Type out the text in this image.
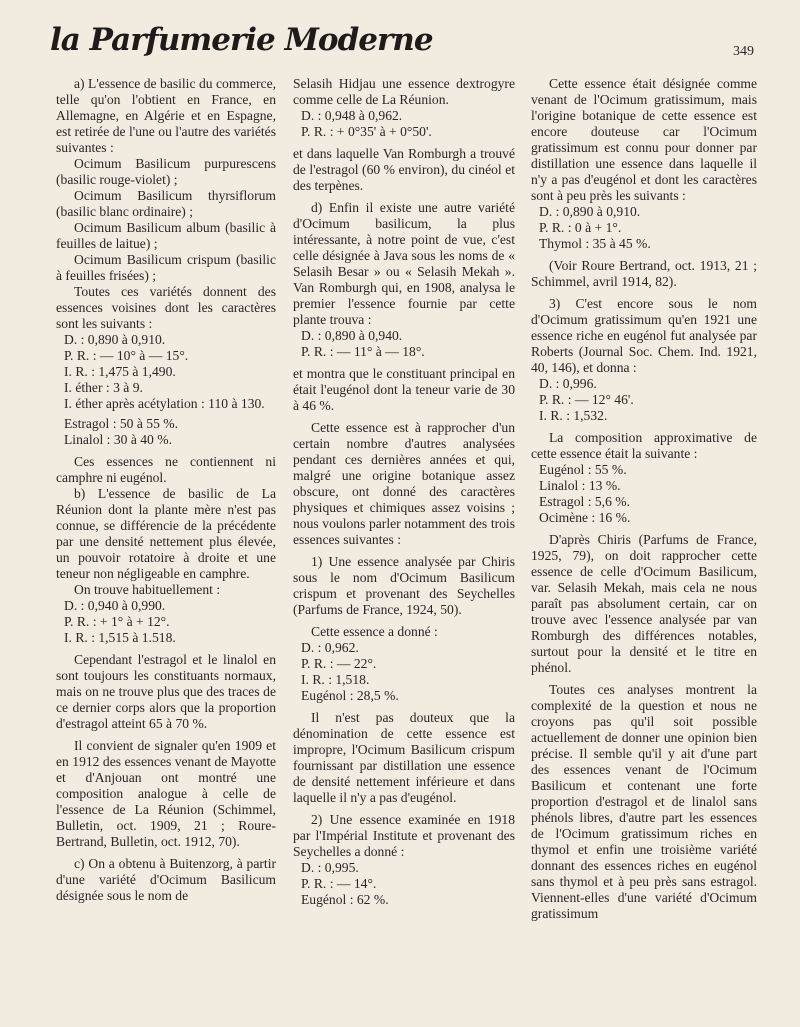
la Parfumerie Moderne	349

a) L'essence de basilic du commerce, telle qu'on l'obtient en France, en Allemagne, en Algérie et en Espagne, est retirée de l'une ou l'autre des variétés suivantes :

Ocimum Basilicum purpurescens (basilic rouge-violet) ;

Ocimum Basilicum thyrsiflorum (basilic blanc ordinaire) ;

Ocimum Basilicum album (basilic à feuilles de laitue) ;

Ocimum Basilicum crispum (basilic à feuilles frisées) ;

Toutes ces variétés donnent des essences voisines dont les caractères sont les suivants :

D. : 0,890 à 0,910.

P. R. : — 10° à — 15°.

I. R. : 1,475 à 1,490.

I. éther : 3 à 9.

I. éther après acétylation : 110 à 130.

Estragol : 50 à 55 %.

Linalol : 30 à 40 %.

Ces essences ne contiennent ni camphre ni eugénol.

b) L'essence de basilic de La Réunion dont la plante mère n'est pas connue, se différencie de la précédente par une densité nettement plus élevée, un pouvoir rotatoire à droite et une teneur non négligeable en camphre.

On trouve habituellement :

D. : 0,940 à 0,990.

P. R. : + 1° à + 12°.

I. R. : 1,515 à 1.518.

Cependant l'estragol et le linalol en sont toujours les constituants normaux, mais on ne trouve plus que des traces de ce dernier corps alors que la proportion d'estragol atteint 65 à 70 %.

Il convient de signaler qu'en 1909 et en 1912 des essences venant de Mayotte et d'Anjouan ont montré une composition analogue à celle de l'essence de La Réunion (Schimmel, Bulletin, oct. 1909, 21 ; Roure-Bertrand, Bulletin, oct. 1912, 70).

c) On a obtenu à Buitenzorg, à partir d'une variété d'Ocimum Basilicum désignée sous le nom de

Selasih Hidjau une essence dextrogyre comme celle de La Réunion.

D. : 0,948 à 0,962.

P. R. : + 0°35' à + 0°50'.

et dans laquelle Van Romburgh a trouvé de l'estragol (60 % environ), du cinéol et des terpènes.

d) Enfin il existe une autre variété d'Ocimum basilicum, la plus intéressante, à notre point de vue, c'est celle désignée à Java sous les noms de « Selasih Besar » ou « Selasih Mekah ». Van Romburgh qui, en 1908, analysa le premier l'essence fournie par cette plante trouva :

D. : 0,890 à 0,940.

P. R. : — 11° à — 18°.

et montra que le constituant principal en était l'eugénol dont la teneur varie de 30 à 46 %.

Cette essence est à rapprocher d'un certain nombre d'autres analysées pendant ces dernières années et qui, malgré une origine botanique assez obscure, ont donné des caractères physiques et chimiques assez voisins ; nous voulons parler notamment des trois essences suivantes :

1) Une essence analysée par Chiris sous le nom d'Ocimum Basilicum crispum et provenant des Seychelles (Parfums de France, 1924, 50).

Cette essence a donné :

D. : 0,962.

P. R. : — 22°.

I. R. : 1,518.

Eugénol : 28,5 %.

Il n'est pas douteux que la dénomination de cette essence est impropre, l'Ocimum Basilicum crispum fournissant par distillation une essence de densité nettement inférieure et dans laquelle il n'y a pas d'eugénol.

2) Une essence examinée en 1918 par l'Impérial Institute et provenant des Seychelles a donné :

D. : 0,995.

P. R. : — 14°.

Eugénol : 62 %.

Cette essence était désignée comme venant de l'Ocimum gratissimum, mais l'origine botanique de cette essence est encore douteuse car l'Ocimum gratissimum est connu pour donner par distillation une essence dans laquelle il n'y a pas d'eugénol et dont les caractères sont à peu près les suivants :

D. : 0,890 à 0,910.

P. R. : 0 à + 1°.

Thymol : 35 à 45 %.

(Voir Roure Bertrand, oct. 1913, 21 ; Schimmel, avril 1914, 82).

3) C'est encore sous le nom d'Ocimum gratissimum qu'en 1921 une essence riche en eugénol fut analysée par Roberts (Journal Soc. Chem. Ind. 1921, 40, 146), et donna :

D. : 0,996.

P. R. : — 12° 46'.

I. R. : 1,532.

La composition approximative de cette essence était la suivante :

Eugénol : 55 %.

Linalol : 13 %.

Estragol : 5,6 %.

Ocimène : 16 %.

D'après Chiris (Parfums de France, 1925, 79), on doit rapprocher cette essence de celle d'Ocimum Basilicum, var. Selasih Mekah, mais cela ne nous paraît pas absolument certain, car on trouve avec l'essence analysée par van Romburgh des différences notables, surtout pour la densité et le titre en phénol.

Toutes ces analyses montrent la complexité de la question et nous ne croyons pas qu'il soit possible actuellement de donner une opinion bien précise. Il semble qu'il y ait d'une part des essences venant de l'Ocimum Basilicum et contenant une forte proportion d'estragol et de linalol sans phénols libres, d'autre part les essences de l'Ocimum gratissimum riches en thymol et enfin une troisième variété donnant des essences riches en eugénol sans thymol et à peu près sans estragol. Viennent-elles d'une variété d'Ocimum gratissimum
